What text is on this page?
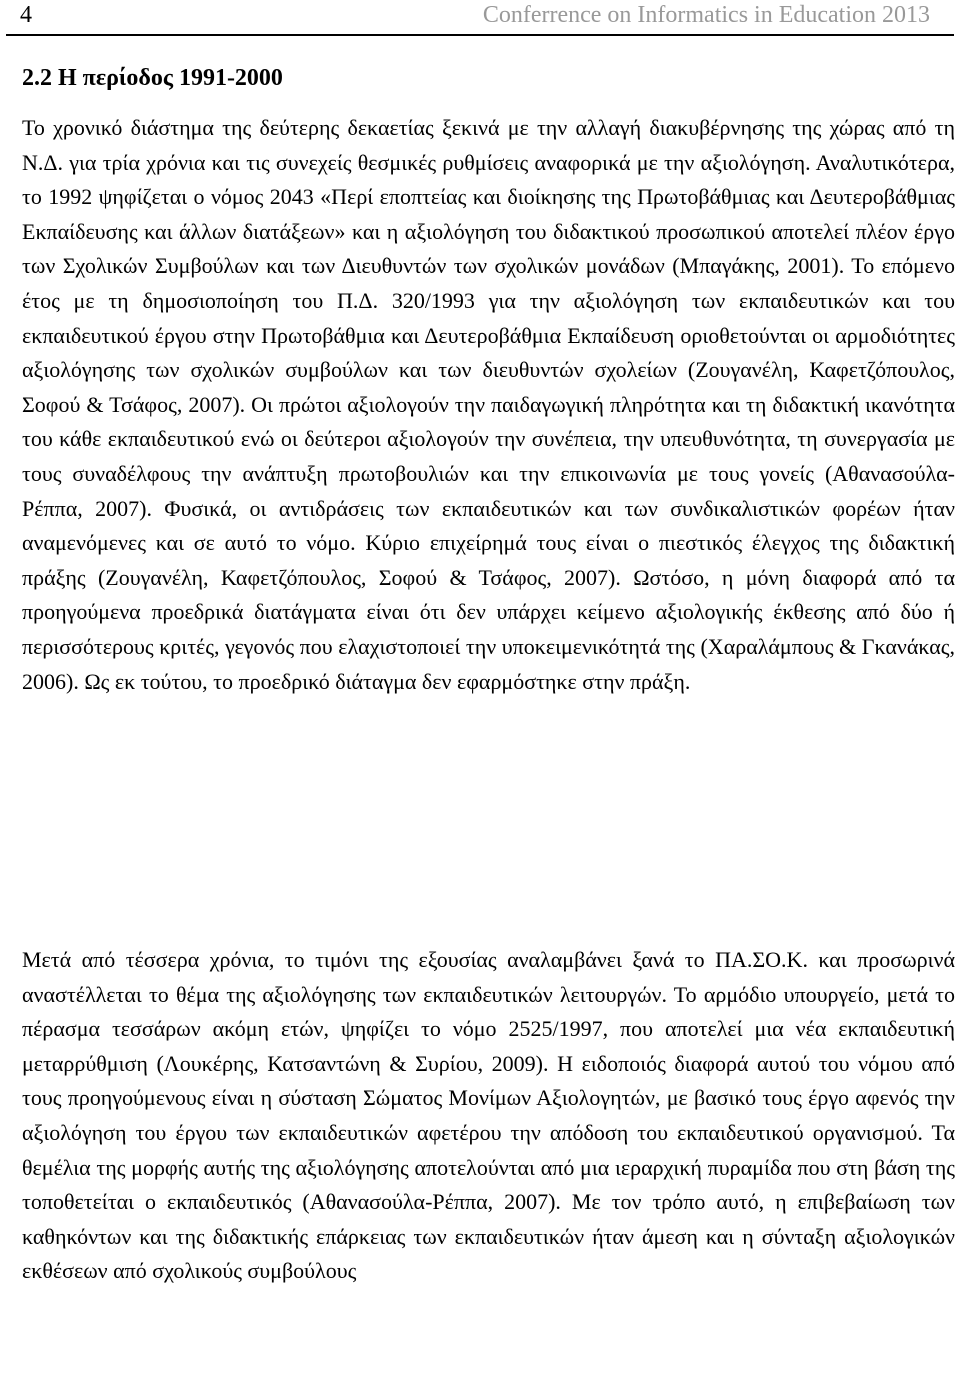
4	Conferrence on Informatics in Education 2013
2.2 Η περίοδος 1991-2000

Το χρονικό διάστημα της δεύτερης δεκαετίας ξεκινά με την αλλαγή διακυβέρνησης της χώρας από τη Ν.Δ. για τρία χρόνια και τις συνεχείς θεσμικές ρυθμίσεις αναφορικά με την αξιολόγηση. Αναλυτικότερα, το 1992 ψηφίζεται ο νόμος 2043 «Περί εποπτείας και διοίκησης της Πρωτοβάθμιας και Δευτεροβάθμιας Εκπαίδευσης και άλλων διατάξεων» και η αξιολόγηση του διδακτικού προσωπικού αποτελεί πλέον έργο των Σχολικών Συμβούλων και των Διευθυντών των σχολικών μονάδων (Μπαγάκης, 2001). Το επόμενο έτος με τη δημοσιοποίηση του Π.Δ. 320/1993 για την αξιολόγηση των εκπαιδευτικών και του εκπαιδευτικού έργου στην Πρωτοβάθμια και Δευτεροβάθμια Εκπαίδευση οριοθετούνται οι αρμοδιότητες αξιολόγησης των σχολικών συμβούλων και των διευθυντών σχολείων (Ζουγανέλη, Καφετζόπουλος, Σοφού & Τσάφος, 2007). Οι πρώτοι αξιολογούν την παιδαγωγική πληρότητα και τη διδακτική ικανότητα του κάθε εκπαιδευτικού ενώ οι δεύτεροι αξιολογούν την συνέπεια, την υπευθυνότητα, τη συνεργασία με τους συναδέλφους την ανάπτυξη πρωτοβουλιών και την επικοινωνία με τους γονείς (Αθανασούλα-Ρέππα, 2007). Φυσικά, οι αντιδράσεις των εκπαιδευτικών και των συνδικαλιστικών φορέων ήταν αναμενόμενες και σε αυτό το νόμο. Κύριο επιχείρημά τους είναι ο πιεστικός έλεγχος της διδακτική πράξης (Ζουγανέλη, Καφετζόπουλος, Σοφού & Τσάφος, 2007). Ωστόσο, η μόνη διαφορά από τα προηγούμενα προεδρικά διατάγματα είναι ότι δεν υπάρχει κείμενο αξιολογικής έκθεσης από δύο ή περισσότερους κριτές, γεγονός που ελαχιστοποιεί την υποκειμενικότητά της (Χαραλάμπους & Γκανάκας, 2006). Ως εκ τούτου, το προεδρικό διάταγμα δεν εφαρμόστηκε στην πράξη.

Μετά από τέσσερα χρόνια, το τιμόνι της εξουσίας αναλαμβάνει ξανά το ΠΑ.ΣΟ.Κ. και προσωρινά αναστέλλεται το θέμα της αξιολόγησης των εκπαιδευτικών λειτουργών. Το αρμόδιο υπουργείο, μετά το πέρασμα τεσσάρων ακόμη ετών, ψηφίζει το νόμο 2525/1997, που αποτελεί μια νέα εκπαιδευτική μεταρρύθμιση (Λουκέρης, Κατσαντώνη & Συρίου, 2009). Η ειδοποιός διαφορά αυτού του νόμου από τους προηγούμενους είναι η σύσταση Σώματος Μονίμων Αξιολογητών, με βασικό τους έργο αφενός την αξιολόγηση του έργου των εκπαιδευτικών αφετέρου την απόδοση του εκπαιδευτικού οργανισμού. Τα θεμέλια της μορφής αυτής της αξιολόγησης αποτελούνται από μια ιεραρχική πυραμίδα που στη βάση της τοποθετείται ο εκπαιδευτικός (Αθανασούλα-Ρέππα, 2007). Με τον τρόπο αυτό, η επιβεβαίωση των καθηκόντων και της διδακτικής επάρκειας των εκπαιδευτικών ήταν άμεση και η σύνταξη αξιολογικών εκθέσεων από σχολικούς συμβούλους
